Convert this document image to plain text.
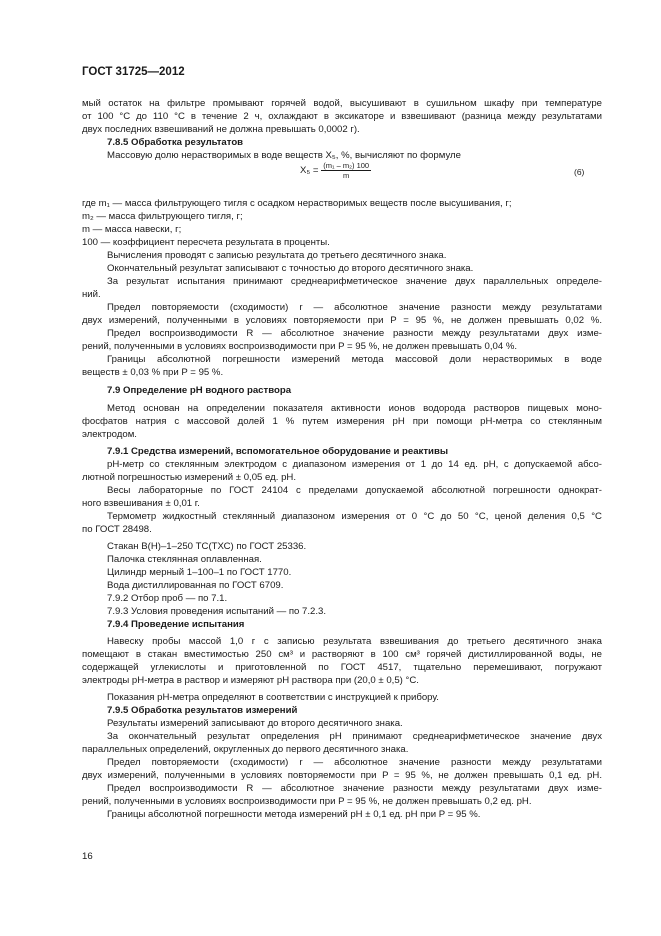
ГОСТ 31725—2012
мый остаток на фильтре промывают горячей водой, высушивают в сушильном шкафу при температуре
от 100 °С до 110 °С в течение 2 ч, охлаждают в эксикаторе и взвешивают (разница между результатами
двух последних взвешиваний не должна превышать 0,0002 г).
7.8.5 Обработка результатов
Массовую долю нерастворимых в воде веществ X₅, %, вычисляют по формуле
где m₁ — масса фильтрующего тигля с осадком нерастворимых веществ после высушивания, г;
m₂ — масса фильтрующего тигля, г;
m — масса навески, г;
100 — коэффициент пересчета результата в проценты.
Вычисления проводят с записью результата до третьего десятичного знака.
Окончательный результат записывают с точностью до второго десятичного знака.
За результат испытания принимают среднеарифметическое значение двух параллельных определе-
ний.
Предел повторяемости (сходимости) r — абсолютное значение разности между результатами
двух измерений, полученными в условиях повторяемости при P = 95 %, не должен превышать 0,02 %.
Предел воспроизводимости R — абсолютное значение разности между результатами двух изме-
рений, полученными в условиях воспроизводимости при P = 95 %, не должен превышать 0,04 %.
Границы абсолютной погрешности измерений метода массовой доли нерастворимых в воде
веществ ± 0,03 % при P = 95 %.
7.9 Определение рН водного раствора
Метод основан на определении показателя активности ионов водорода растворов пищевых моно-
фосфатов натрия с массовой долей 1 % путем измерения рН при помощи рН-метра со стеклянным
электродом.
7.9.1 Средства измерений, вспомогательное оборудование и реактивы
рН-метр со стеклянным электродом с диапазоном измерения от 1 до 14 ед. рН, с допускаемой абсо-
лютной погрешностью измерений ± 0,05 ед. рН.
Весы лабораторные по ГОСТ 24104 с пределами допускаемой абсолютной погрешности однократ-
ного взвешивания ± 0,01 г.
Термометр жидкостный стеклянный диапазоном измерения от 0 °С до 50 °С, ценой деления 0,5 °С
по ГОСТ 28498.
Стакан В(Н)–1–250 ТС(ТХС) по ГОСТ 25336.
Палочка стеклянная оплавленная.
Цилиндр мерный 1–100–1 по ГОСТ 1770.
Вода дистиллированная по ГОСТ 6709.
7.9.2 Отбор проб — по 7.1.
7.9.3 Условия проведения испытаний — по 7.2.3.
7.9.4 Проведение испытания
Навеску пробы массой 1,0 г с записью результата взвешивания до третьего десятичного знака
помещают в стакан вместимостью 250 см³ и растворяют в 100 см³ горячей дистиллированной воды, не
содержащей углекислоты и приготовленной по ГОСТ 4517, тщательно перемешивают, погружают
электроды рН-метра в раствор и измеряют рН раствора при (20,0 ± 0,5) °С.
Показания рН-метра определяют в соответствии с инструкцией к прибору.
7.9.5 Обработка результатов измерений
Результаты измерений записывают до второго десятичного знака.
За окончательный результат определения рН принимают среднеарифметическое значение двух
параллельных определений, округленных до первого десятичного знака.
Предел повторяемости (сходимости) r — абсолютное значение разности между результатами
двух измерений, полученными в условиях повторяемости при P = 95 %, не должен превышать 0,1 ед. рН.
Предел воспроизводимости R — абсолютное значение разности между результатами двух изме-
рений, полученными в условиях воспроизводимости при P = 95 %, не должен превышать 0,2 ед. рН.
Границы абсолютной погрешности метода измерений рН ± 0,1 ед. рН при P = 95 %.
$X_5 = \frac{\text{(m₁ – m₂) 100}}{m}$	(6)
16
